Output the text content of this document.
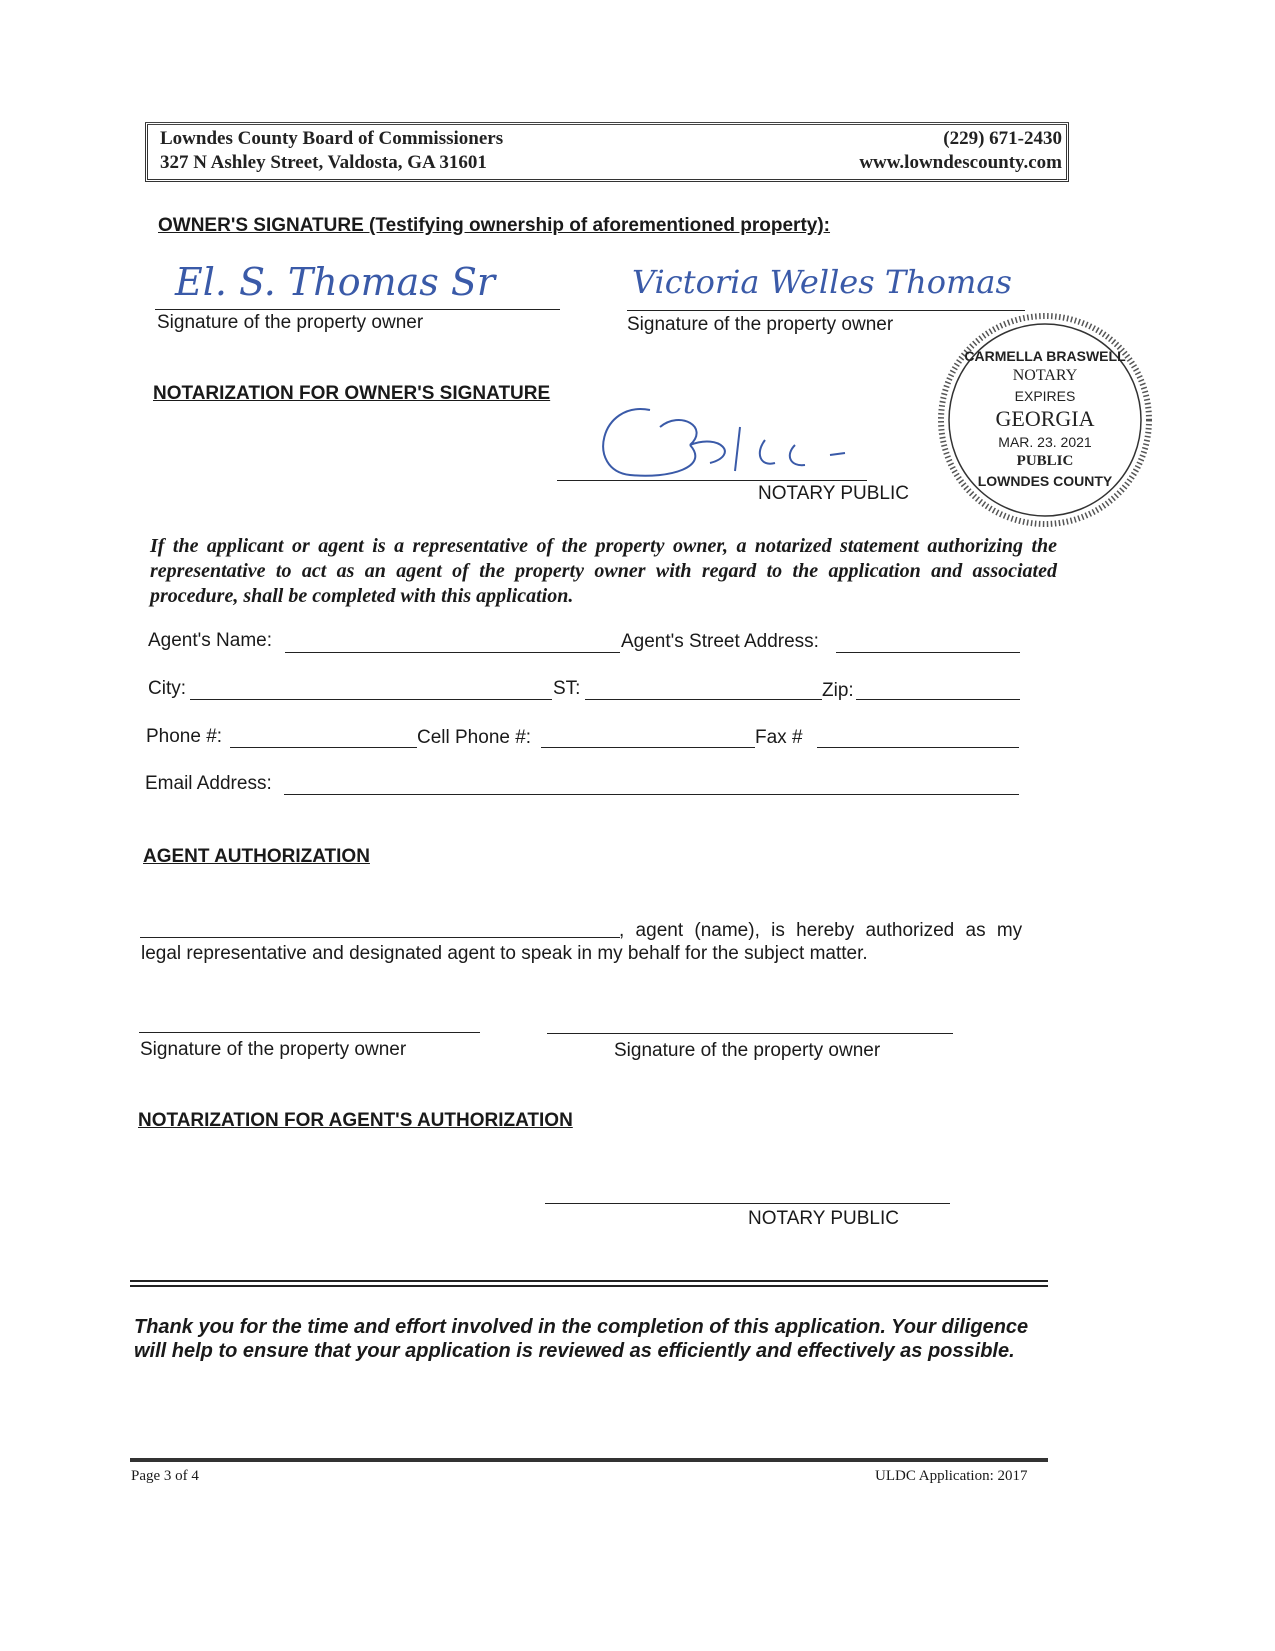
Lowndes County Board of Commissioners
327 N Ashley Street, Valdosta, GA 31601
(229) 671-2430
www.lowndescounty.com
OWNER'S SIGNATURE (Testifying ownership of aforementioned property):
El. S. Thomas Sr	Victoria Welles Thomas
Signature of the property owner	Signature of the property owner
NOTARIZATION FOR OWNER'S SIGNATURE
NOTARY PUBLIC
CARMELLA BRASWELL
NOTARY
EXPIRES
GEORGIA
MAR. 23. 2021
PUBLIC
LOWNDES COUNTY
If the applicant or agent is a representative of the property owner, a notarized statement authorizing the representative to act as an agent of the property owner with regard to the application and associated procedure, shall be completed with this application.
Agent's Name:	Agent's Street Address:
City:	ST:	Zip:
Phone #:	Cell Phone #:	Fax #
Email Address:
AGENT AUTHORIZATION
, agent (name), is hereby authorized as my
legal representative and designated agent to speak in my behalf for the subject matter.
Signature of the property owner	Signature of the property owner
NOTARIZATION FOR AGENT'S AUTHORIZATION
NOTARY PUBLIC
Thank you for the time and effort involved in the completion of this application. Your diligence will help to ensure that your application is reviewed as efficiently and effectively as possible.
Page 3 of 4	ULDC Application: 2017
